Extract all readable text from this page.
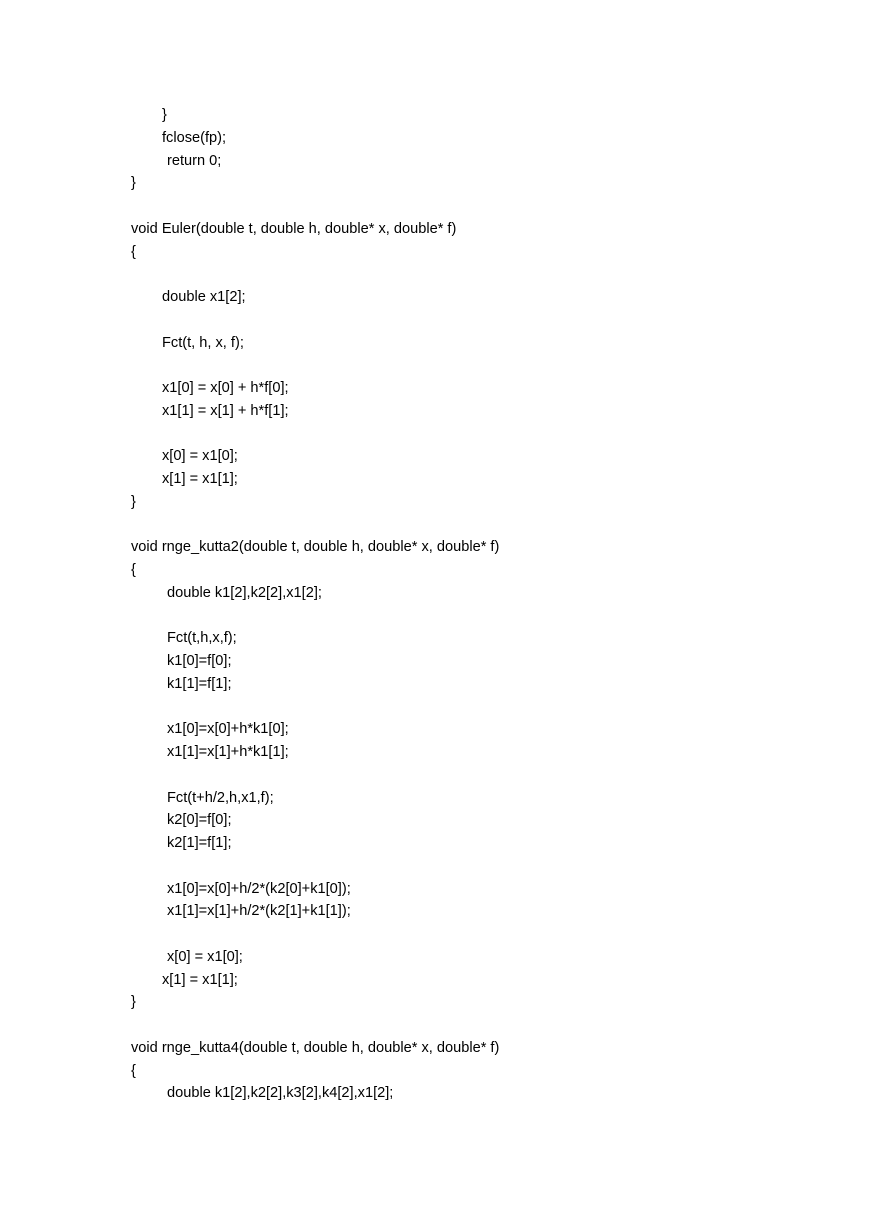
}
fclose(fp);
return 0;
}
void Euler(double t, double h, double* x, double* f)
{
double x1[2];
Fct(t, h, x, f);
x1[0] = x[0] + h*f[0];
x1[1] = x[1] + h*f[1];
x[0] = x1[0];
x[1] = x1[1];
}
void rnge_kutta2(double t, double h, double* x, double* f)
{
double k1[2],k2[2],x1[2];
Fct(t,h,x,f);
k1[0]=f[0];
k1[1]=f[1];
x1[0]=x[0]+h*k1[0];
x1[1]=x[1]+h*k1[1];
Fct(t+h/2,h,x1,f);
k2[0]=f[0];
k2[1]=f[1];
x1[0]=x[0]+h/2*(k2[0]+k1[0]);
x1[1]=x[1]+h/2*(k2[1]+k1[1]);
x[0] = x1[0];
x[1] = x1[1];
}
void rnge_kutta4(double t, double h, double* x, double* f)
{
double k1[2],k2[2],k3[2],k4[2],x1[2];
